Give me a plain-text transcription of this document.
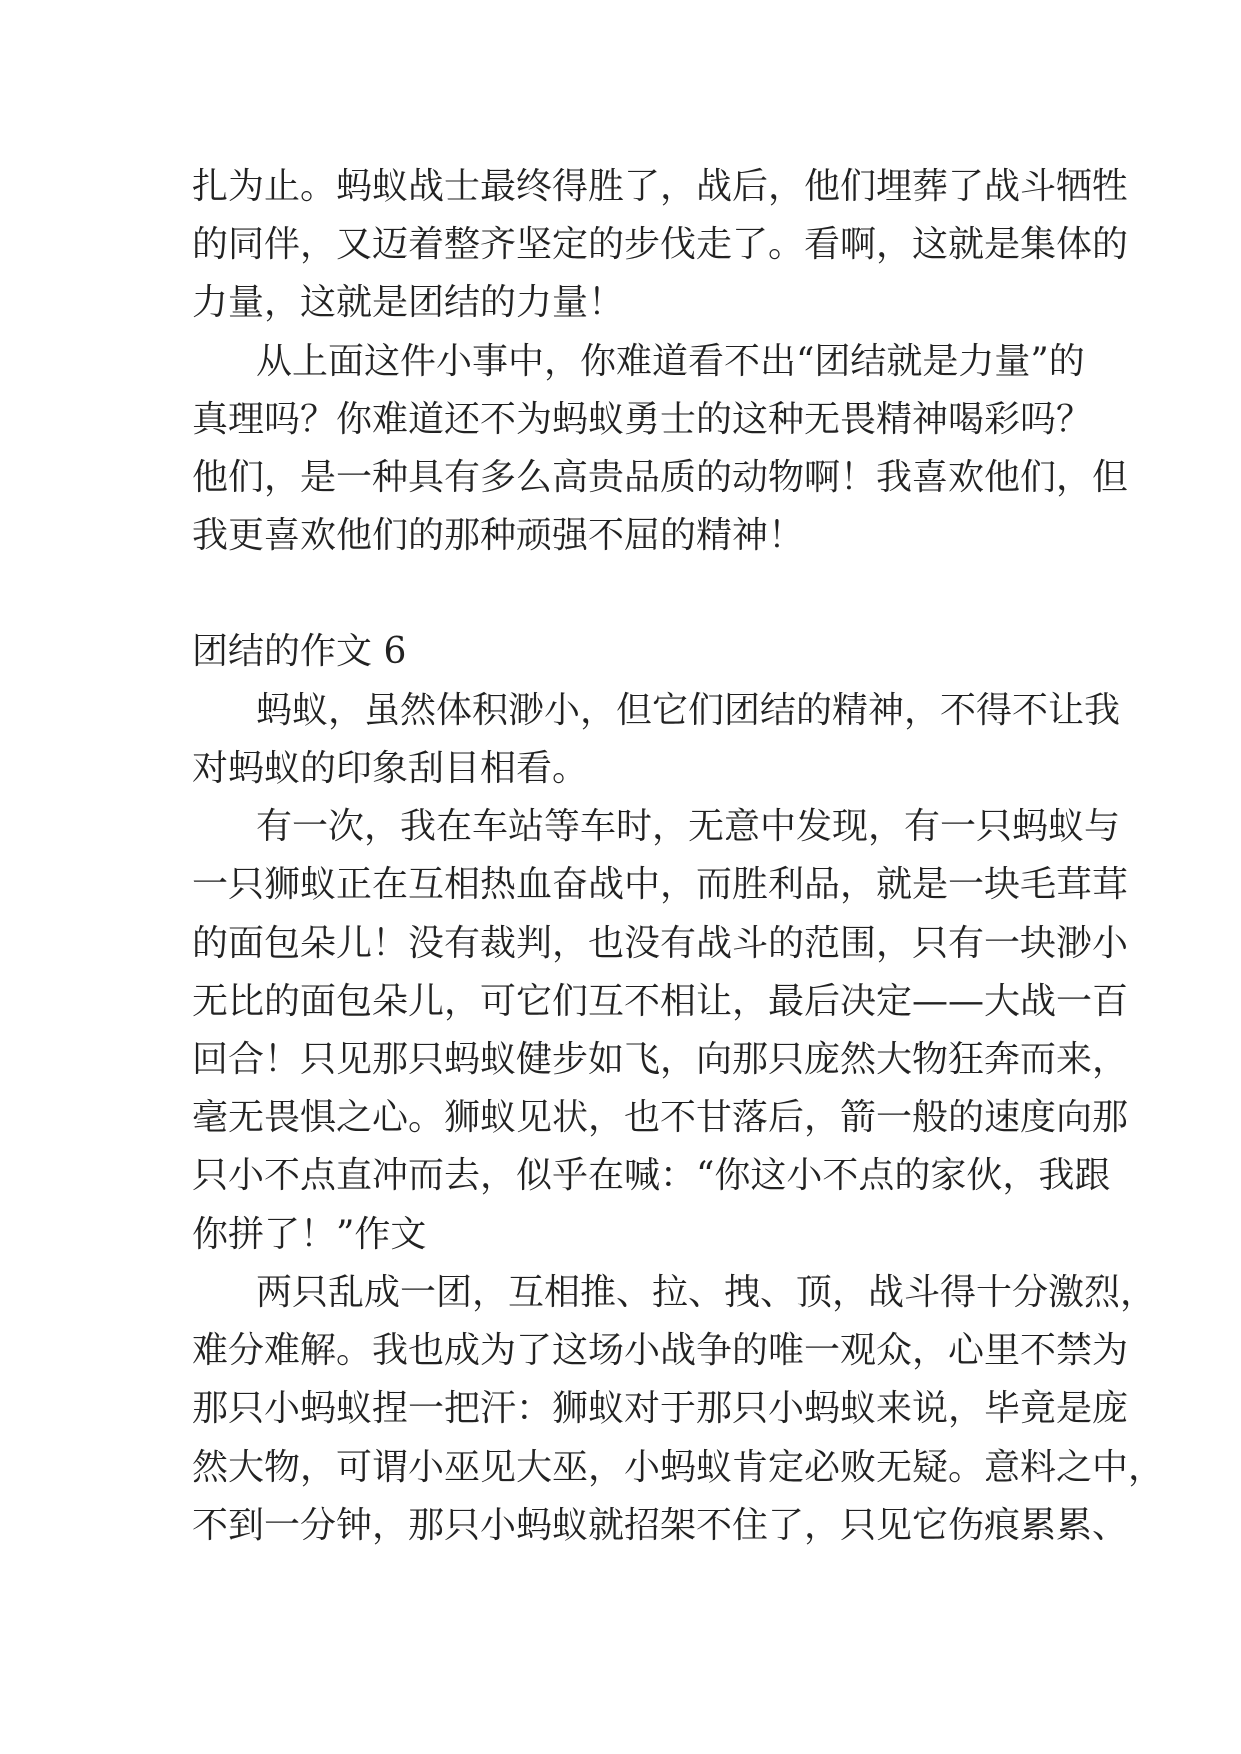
扎为止。蚂蚁战士最终得胜了，战后，他们埋葬了战斗牺牲
的同伴，又迈着整齐坚定的步伐走了。看啊，这就是集体的
力量，这就是团结的力量！
从上面这件小事中，你难道看不出“团结就是力量”的
真理吗？你难道还不为蚂蚁勇士的这种无畏精神喝彩吗？
他们，是一种具有多么高贵品质的动物啊！我喜欢他们，但
我更喜欢他们的那种顽强不屈的精神！
团结的作文 6
蚂蚁，虽然体积渺小，但它们团结的精神，不得不让我
对蚂蚁的印象刮目相看。
有一次，我在车站等车时，无意中发现，有一只蚂蚁与
一只狮蚁正在互相热血奋战中，而胜利品，就是一块毛茸茸
的面包朵儿！没有裁判，也没有战斗的范围，只有一块渺小
无比的面包朵儿，可它们互不相让，最后决定——大战一百
回合！只见那只蚂蚁健步如飞，向那只庞然大物狂奔而来，
毫无畏惧之心。狮蚁见状，也不甘落后，箭一般的速度向那
只小不点直冲而去，似乎在喊：“你这小不点的家伙，我跟
你拼了！”作文
两只乱成一团，互相推、拉、拽、顶，战斗得十分激烈，
难分难解。我也成为了这场小战争的唯一观众，心里不禁为
那只小蚂蚁捏一把汗：狮蚁对于那只小蚂蚁来说，毕竟是庞
然大物，可谓小巫见大巫，小蚂蚁肯定必败无疑。意料之中，
不到一分钟，那只小蚂蚁就招架不住了，只见它伤痕累累、
